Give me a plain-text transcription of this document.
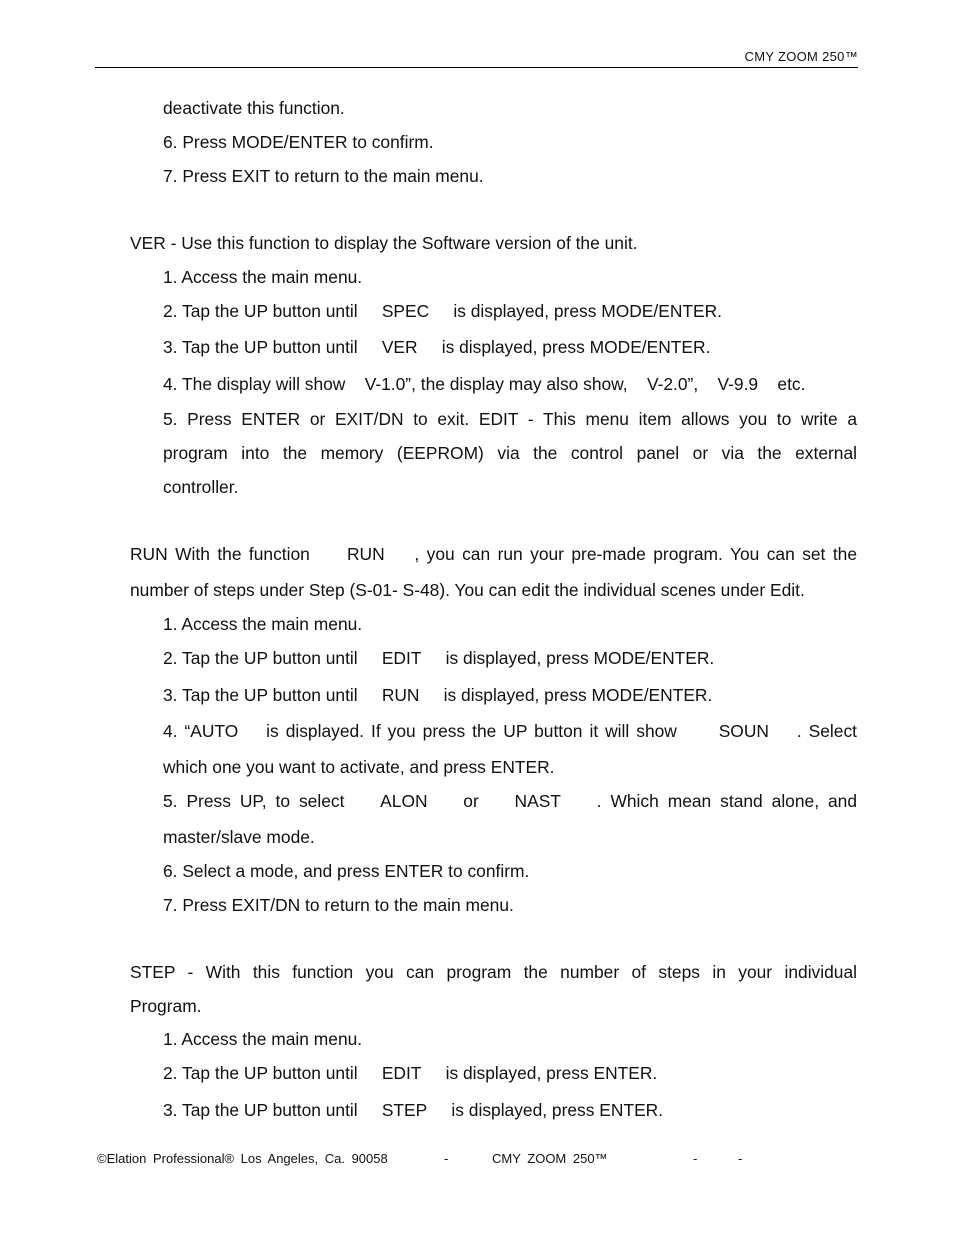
CMY ZOOM 250™
deactivate this function.
6. Press MODE/ENTER to confirm.
7. Press EXIT to return to the main menu.
VER - Use this function to display the Software version of the unit.
1. Access the main menu.
2. Tap the UP button until     SPEC     is displayed, press MODE/ENTER.
3. Tap the UP button until     VER     is displayed, press MODE/ENTER.
4. The display will show    V-1.0”, the display may also show,    V-2.0”,    V-9.9    etc.
5. Press ENTER or EXIT/DN to exit. EDIT - This menu item allows you to write a
program into the memory (EEPROM) via the control panel or via the external
controller.
RUN With the function     RUN    , you can run your pre-made program. You can set the
number of steps under Step (S-01- S-48). You can edit the individual scenes under Edit.
1. Access the main menu.
2. Tap the UP button until     EDIT     is displayed, press MODE/ENTER.
3. Tap the UP button until     RUN     is displayed, press MODE/ENTER.
4. “AUTO    is displayed. If you press the UP button it will show      SOUN    . Select
which one you want to activate, and press ENTER.
5. Press UP, to select    ALON    or    NAST    . Which mean stand alone, and
master/slave mode.
6. Select a mode, and press ENTER to confirm.
7. Press EXIT/DN to return to the main menu.
STEP - With this function you can program the number of steps in your individual
Program.
1. Access the main menu.
2. Tap the UP button until     EDIT     is displayed, press ENTER.
3. Tap the UP button until     STEP     is displayed, press ENTER.
©Elation Professional® Los Angeles, Ca. 90058	-	CMY ZOOM 250™	-	-
